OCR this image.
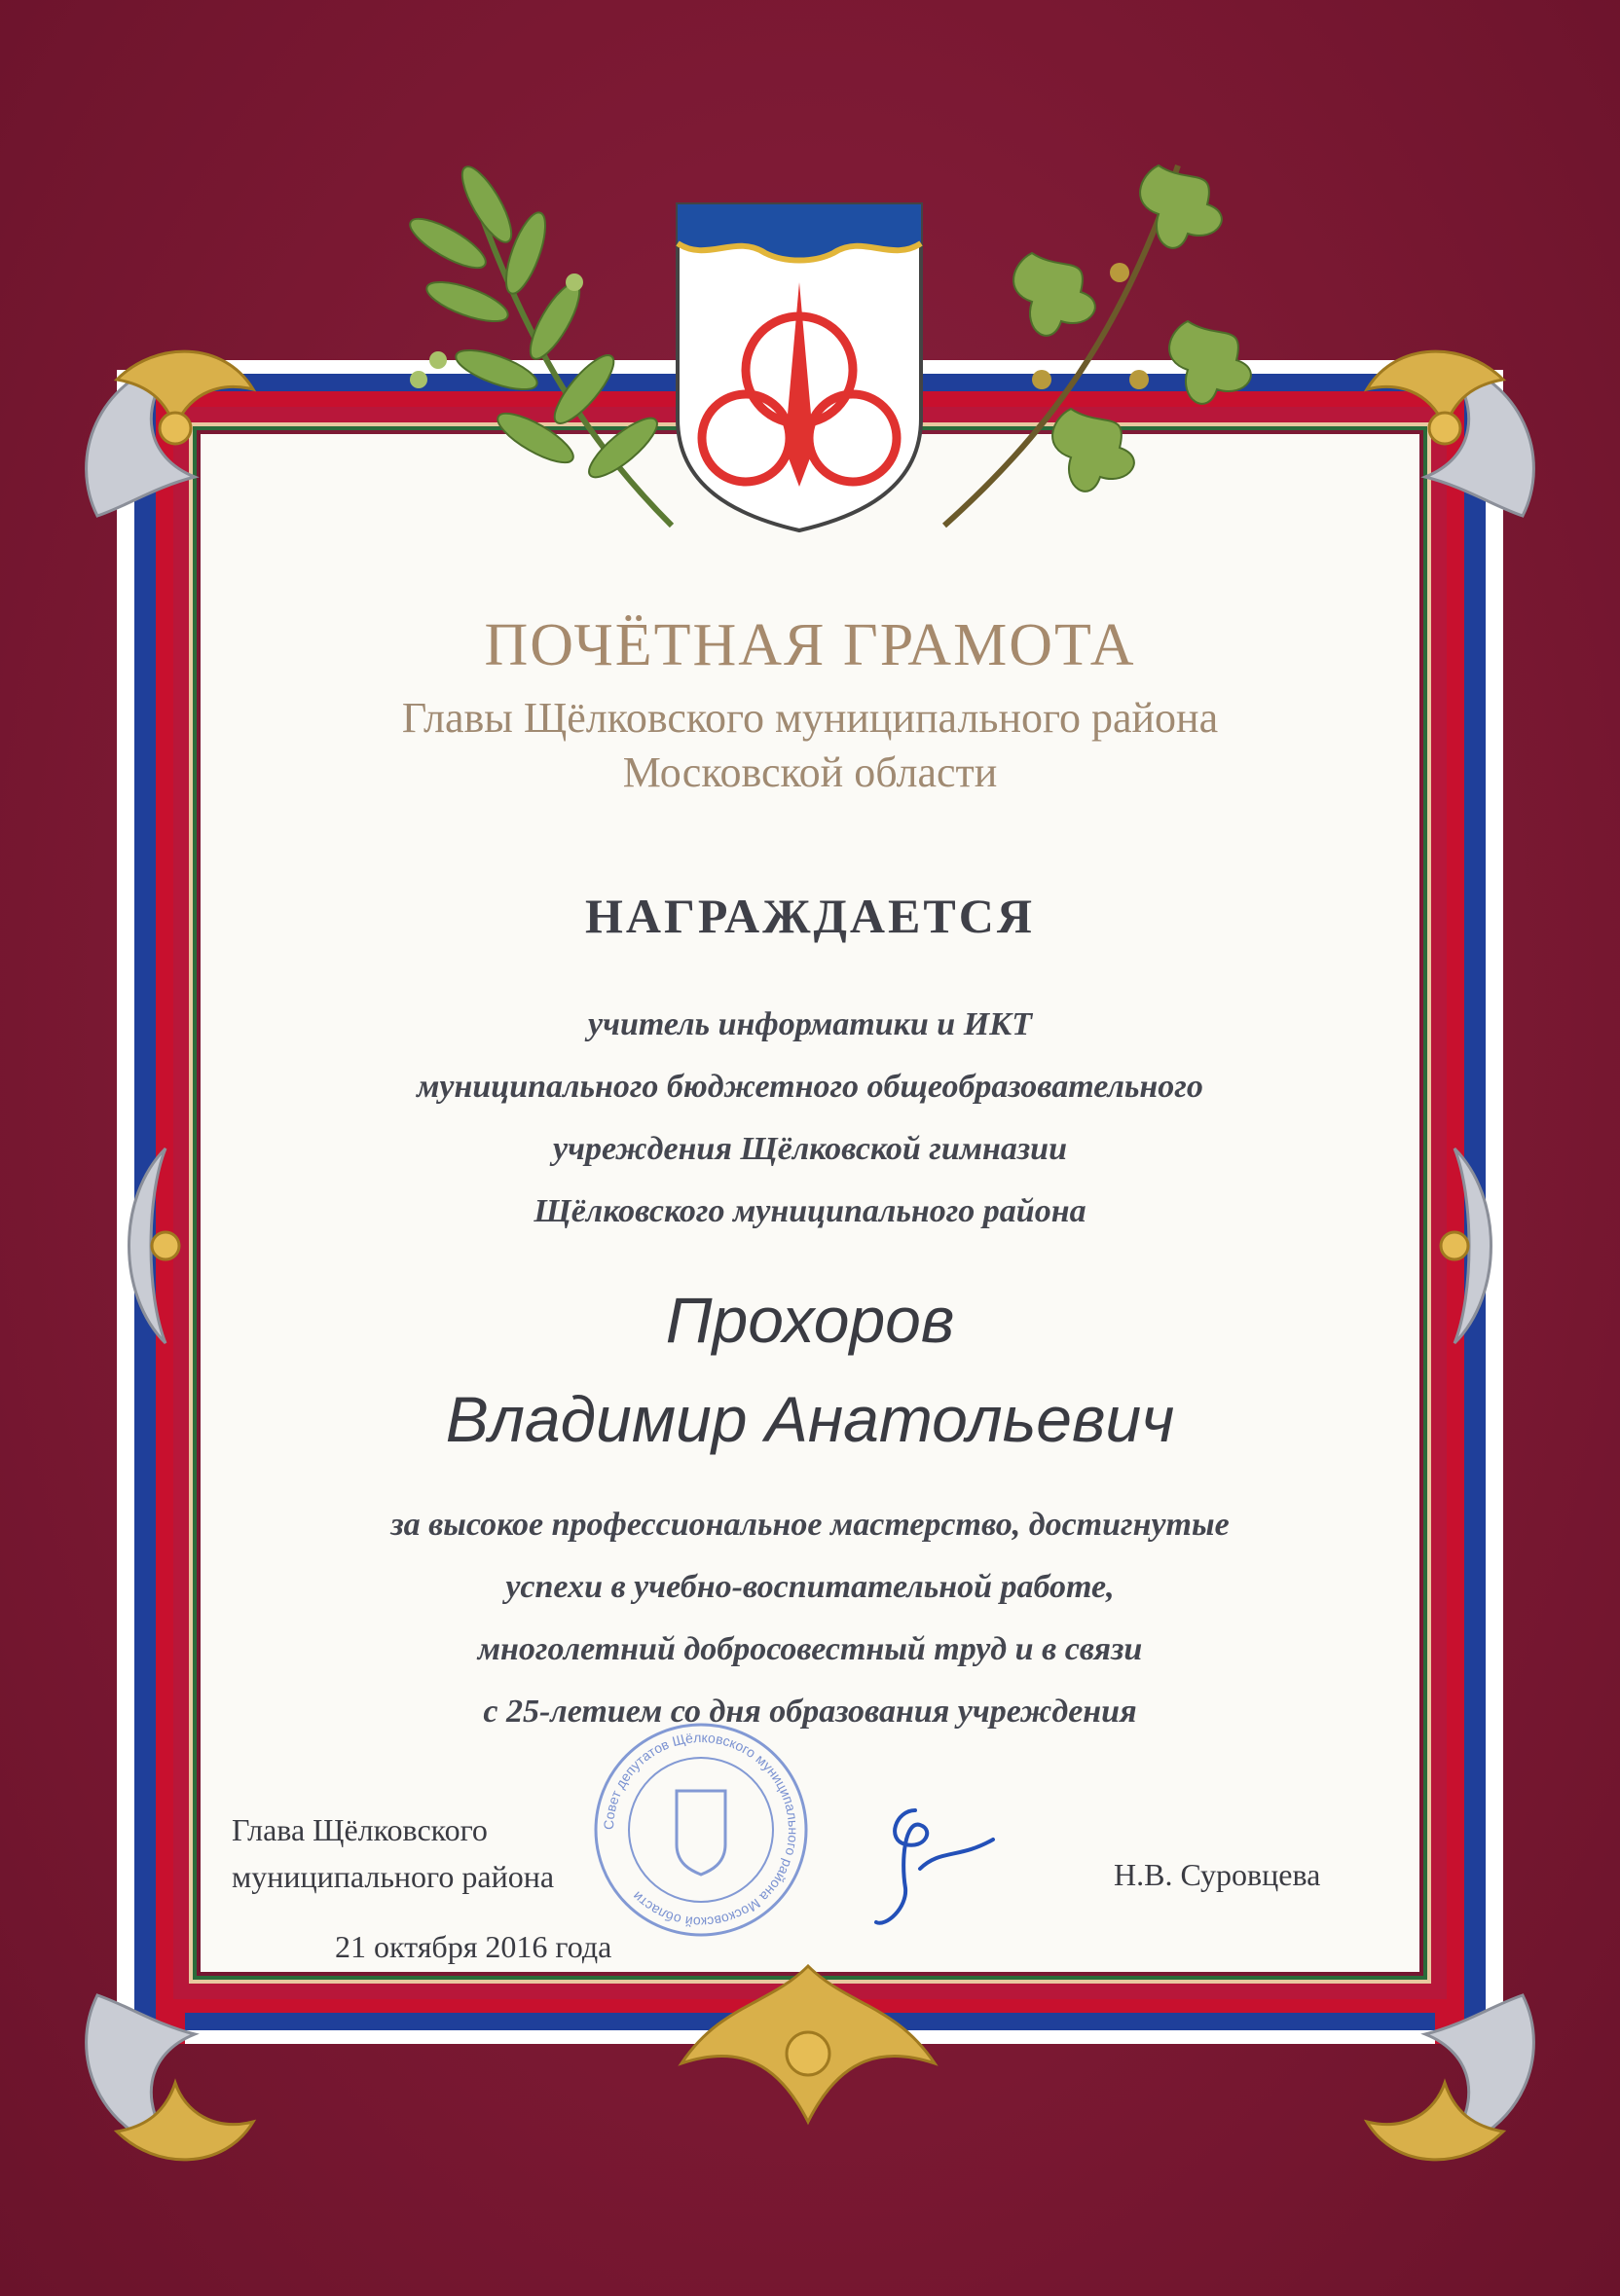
ПОЧЁТНАЯ ГРАМОТА
Главы Щёлковского муниципального района
Московской области
НАГРАЖДАЕТСЯ
учитель информатики и ИКТ
муниципального бюджетного общеобразовательного
учреждения Щёлковской гимназии
Щёлковского муниципального района
Прохоров
Владимир Анатольевич
за высокое профессиональное мастерство, достигнутые
успехи в учебно-воспитательной работе,
многолетний добросовестный труд и в связи
с 25-летием со дня образования учреждения
Совет депутатов Щёлковского муниципального района Московской области
Глава Щёлковского
муниципального района
21 октября 2016 года
Н.В. Суровцева
